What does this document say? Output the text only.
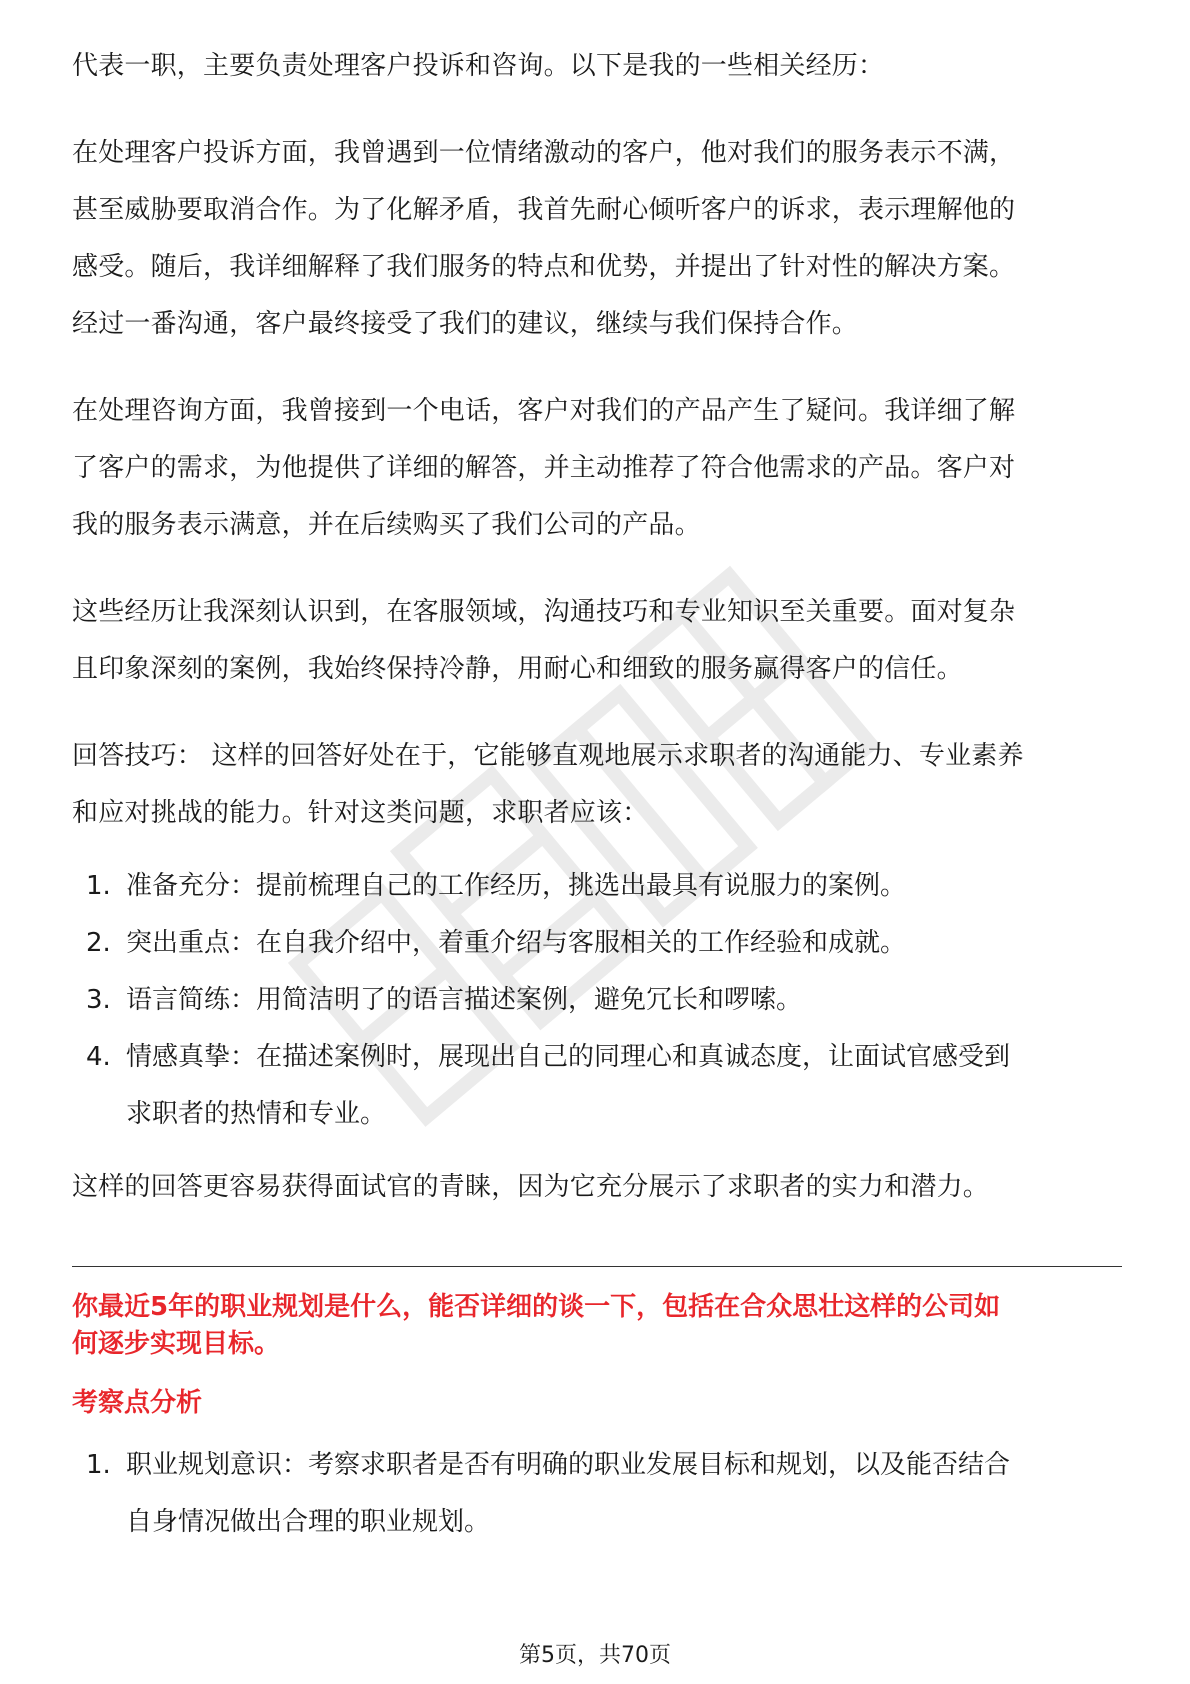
代表一职，主要负责处理客户投诉和咨询。以下是我的一些相关经历：

在处理客户投诉方面，我曾遇到一位情绪激动的客户，他对我们的服务表示不满，

甚至威胁要取消合作。为了化解矛盾，我首先耐心倾听客户的诉求，表示理解他的

感受。随后，我详细解释了我们服务的特点和优势，并提出了针对性的解决方案。

经过一番沟通，客户最终接受了我们的建议，继续与我们保持合作。

在处理咨询方面，我曾接到一个电话，客户对我们的产品产生了疑问。我详细了解

了客户的需求，为他提供了详细的解答，并主动推荐了符合他需求的产品。客户对

我的服务表示满意，并在后续购买了我们公司的产品。

这些经历让我深刻认识到，在客服领域，沟通技巧和专业知识至关重要。面对复杂

且印象深刻的案例，我始终保持冷静，用耐心和细致的服务赢得客户的信任。

回答技巧： 这样的回答好处在于，它能够直观地展示求职者的沟通能力、专业素养

和应对挑战的能力。针对这类问题，求职者应该：

1. 准备充分：提前梳理自己的工作经历，挑选出最具有说服力的案例。
2. 突出重点：在自我介绍中，着重介绍与客服相关的工作经验和成就。
3. 语言简练：用简洁明了的语言描述案例，避免冗长和啰嗦。
4. 情感真挚：在描述案例时，展现出自己的同理心和真诚态度，让面试官感受到
求职者的热情和专业。

这样的回答更容易获得面试官的青睐，因为它充分展示了求职者的实力和潜力。

你最近5年的职业规划是什么，能否详细的谈一下，包括在合众思壮这样的公司如

何逐步实现目标。

考察点分析

1. 职业规划意识：考察求职者是否有明确的职业发展目标和规划，以及能否结合
自身情况做出合理的职业规划。
第5页，共70页
